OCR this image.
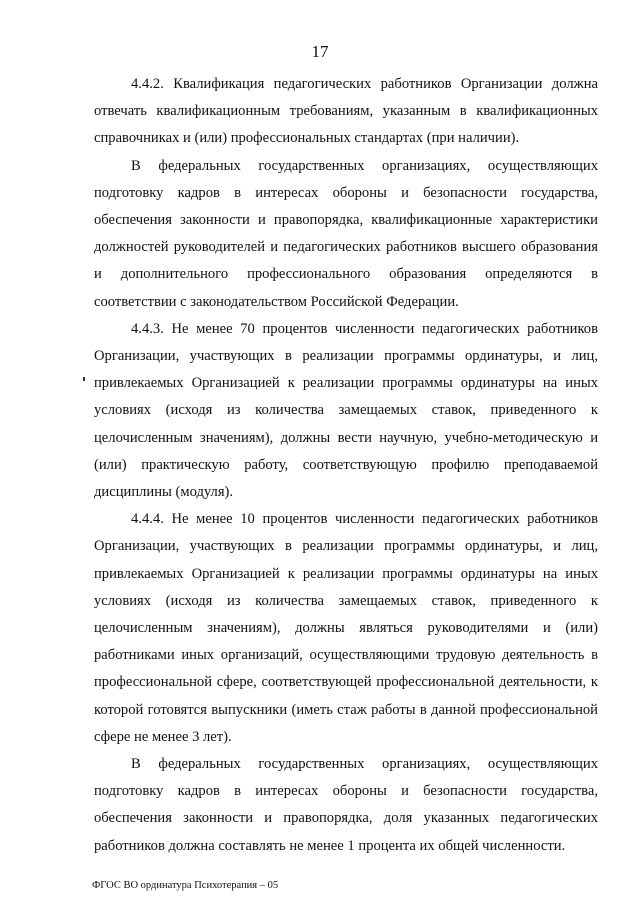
17

4.4.2. Квалификация педагогических работников Организации должна отвечать квалификационным требованиям, указанным в квалификационных справочниках и (или) профессиональных стандартах (при наличии).

В федеральных государственных организациях, осуществляющих подготовку кадров в интересах обороны и безопасности государства, обеспечения законности и правопорядка, квалификационные характеристики должностей руководителей и педагогических работников высшего образования и дополнительного профессионального образования определяются в соответствии с законодательством Российской Федерации.

4.4.3. Не менее 70 процентов численности педагогических работников Организации, участвующих в реализации программы ординатуры, и лиц, привлекаемых Организацией к реализации программы ординатуры на иных условиях (исходя из количества замещаемых ставок, приведенного к целочисленным значениям), должны вести научную, учебно-методическую и (или) практическую работу, соответствующую профилю преподаваемой дисциплины (модуля).

4.4.4. Не менее 10 процентов численности педагогических работников Организации, участвующих в реализации программы ординатуры, и лиц, привлекаемых Организацией к реализации программы ординатуры на иных условиях (исходя из количества замещаемых ставок, приведенного к целочисленным значениям), должны являться руководителями и (или) работниками иных организаций, осуществляющими трудовую деятельность в профессиональной сфере, соответствующей профессиональной деятельности, к которой готовятся выпускники (иметь стаж работы в данной профессиональной сфере не менее 3 лет).

В федеральных государственных организациях, осуществляющих подготовку кадров в интересах обороны и безопасности государства, обеспечения законности и правопорядка, доля указанных педагогических работников должна составлять не менее 1 процента их общей численности.

ФГОС ВО ординатура Психотерапия – 05
